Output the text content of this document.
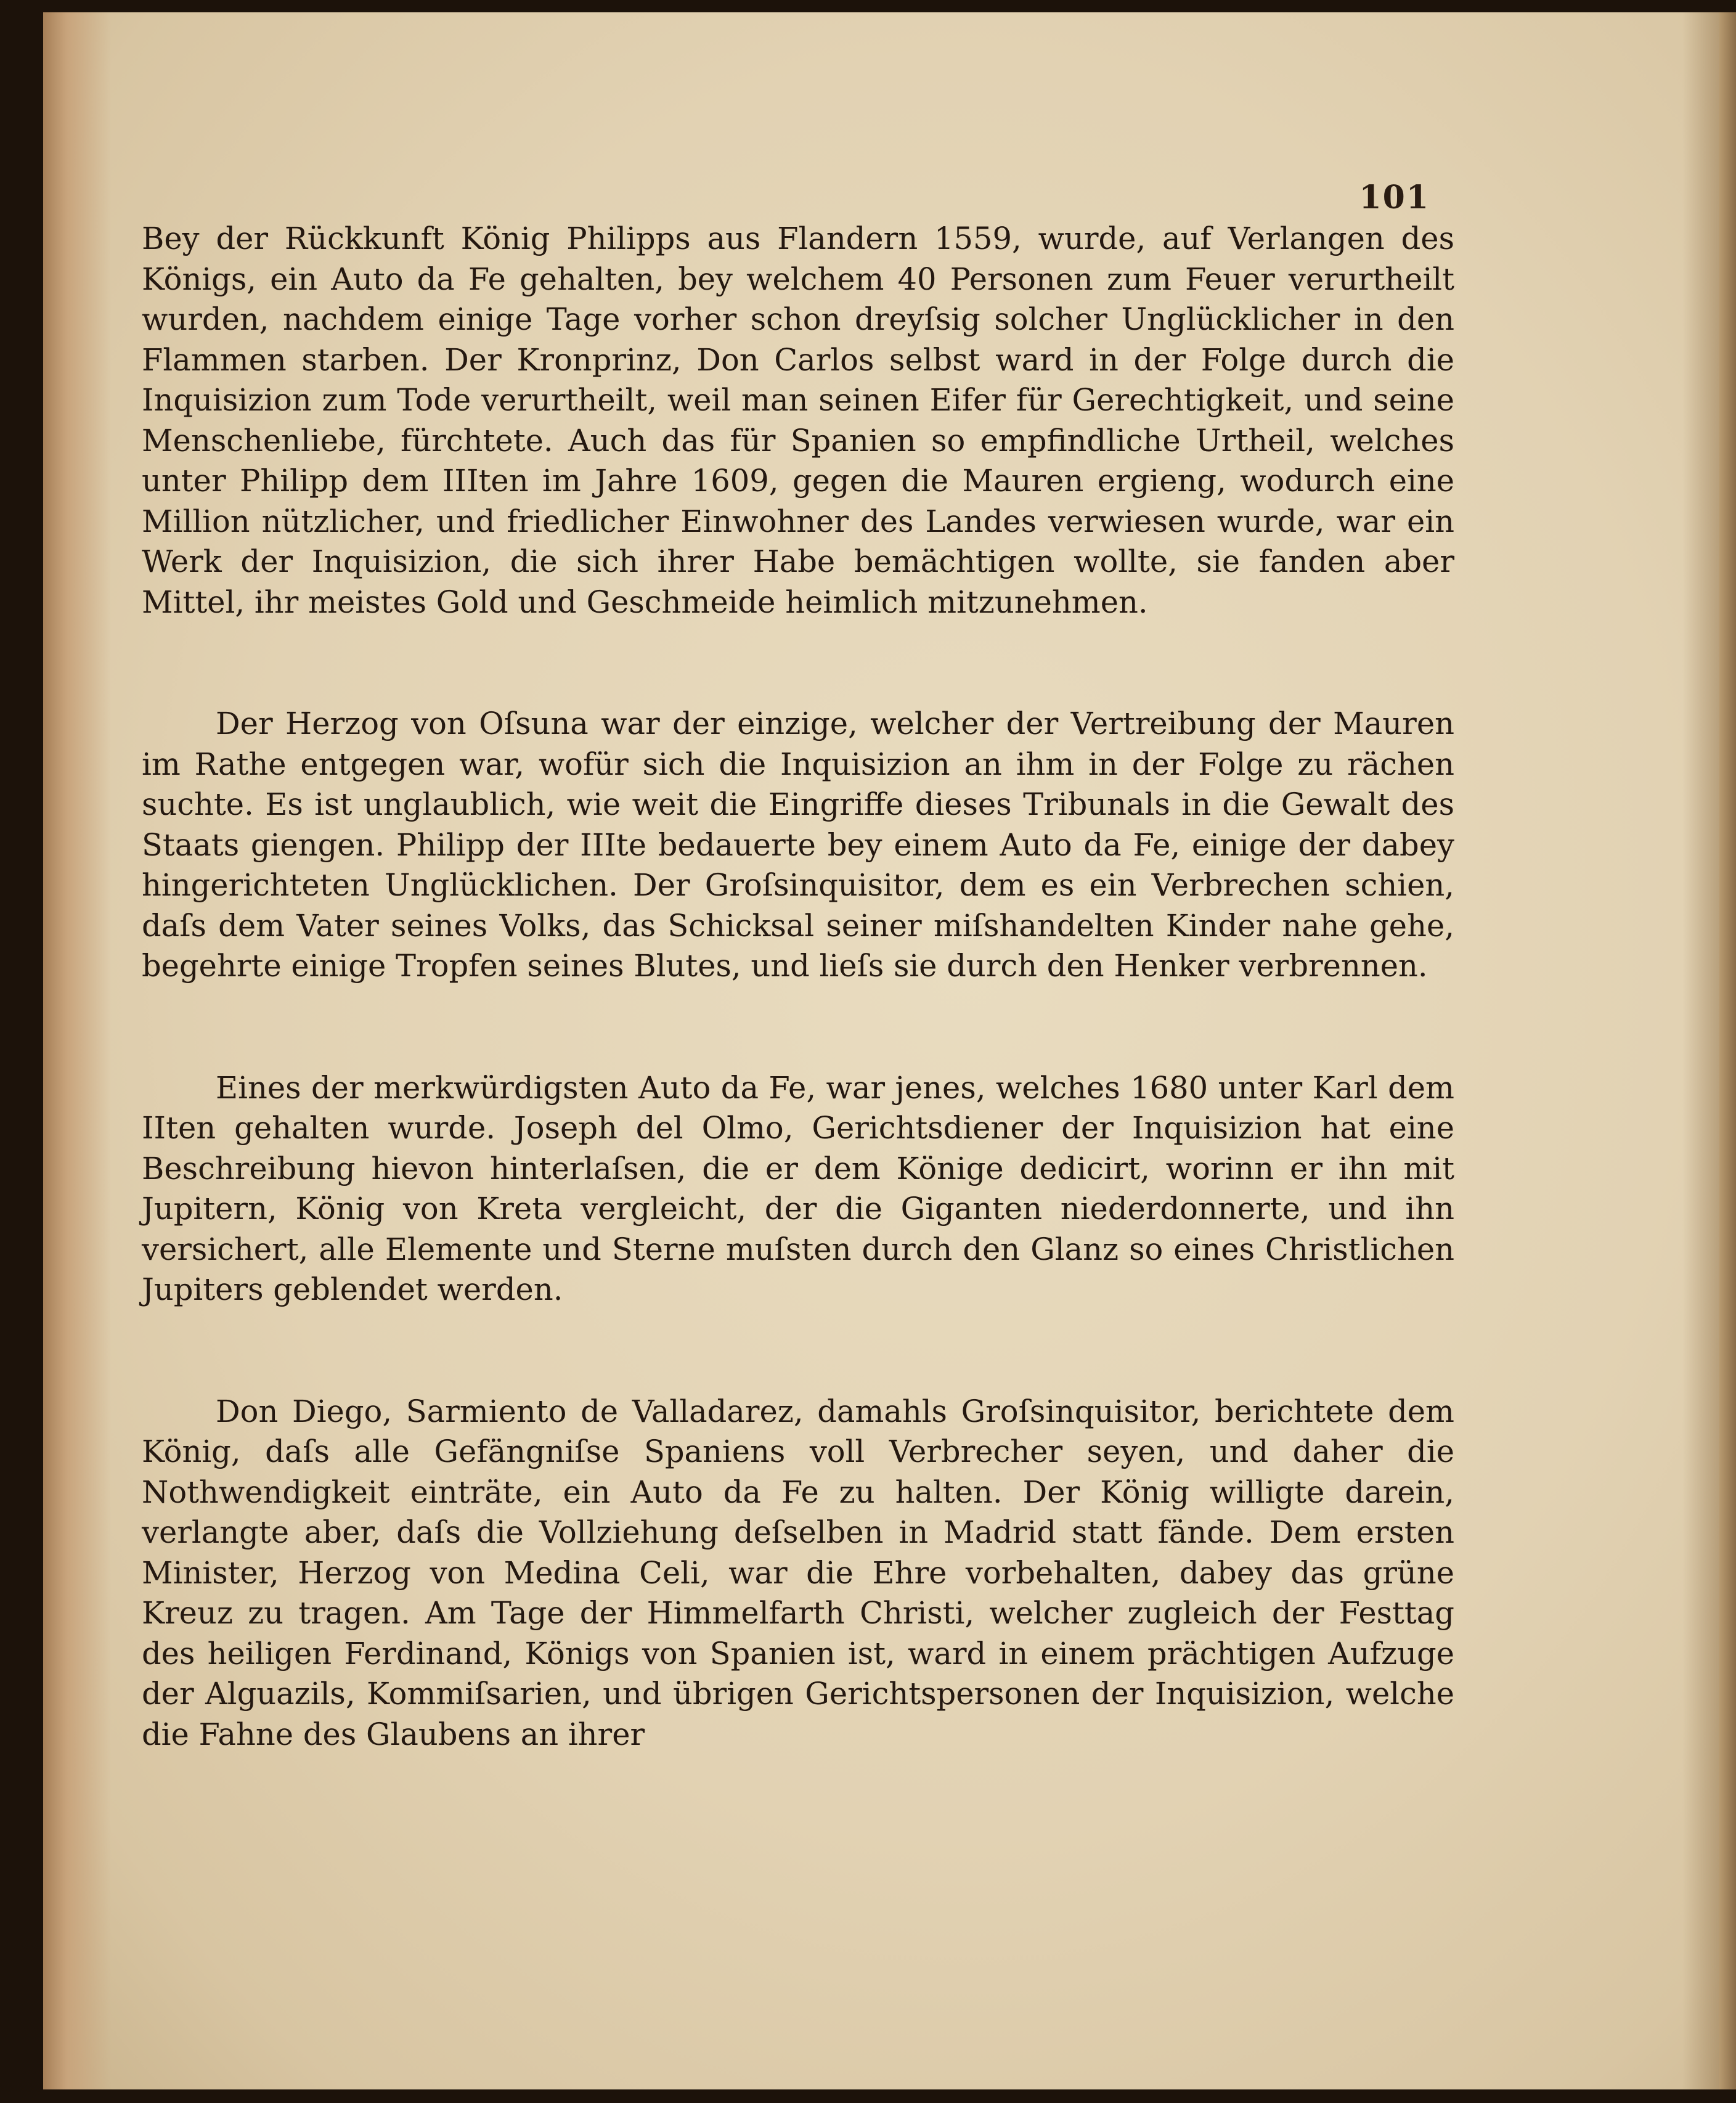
101

Bey der Rückkunft König Philipps aus Flandern 1559, wurde, auf Verlangen des Königs, ein Auto da Fe gehalten, bey welchem 40 Personen zum Feuer verurtheilt wurden, nachdem einige Tage vorher schon dreyſsig solcher Unglücklicher in den Flammen starben. Der Kronprinz, Don Carlos selbst ward in der Folge durch die Inquisizion zum Tode verurtheilt, weil man seinen Eifer für Gerechtigkeit, und seine Menschenliebe, fürchtete. Auch das für Spanien so empfindliche Urtheil, welches unter Philipp dem IIIten im Jahre 1609, gegen die Mauren ergieng, wodurch eine Million nützlicher, und friedlicher Einwohner des Landes verwiesen wurde, war ein Werk der Inquisizion, die sich ihrer Habe bemächtigen wollte, sie fanden aber Mittel, ihr meistes Gold und Geschmeide heimlich mitzunehmen.

Der Herzog von Oſsuna war der einzige, welcher der Vertreibung der Mauren im Rathe entgegen war, wofür sich die Inquisizion an ihm in der Folge zu rächen suchte. Es ist unglaublich, wie weit die Eingriffe dieses Tribunals in die Gewalt des Staats giengen. Philipp der IIIte bedauerte bey einem Auto da Fe, einige der dabey hingerichteten Unglücklichen. Der Groſsinquisitor, dem es ein Verbrechen schien, daſs dem Vater seines Volks, das Schicksal seiner miſshandelten Kinder nahe gehe, begehrte einige Tropfen seines Blutes, und lieſs sie durch den Henker verbrennen.

Eines der merkwürdigsten Auto da Fe, war jenes, welches 1680 unter Karl dem IIten gehalten wurde. Joseph del Olmo, Gerichtsdiener der Inquisizion hat eine Beschreibung hievon hinterlaſsen, die er dem Könige dedicirt, worinn er ihn mit Jupitern, König von Kreta vergleicht, der die Giganten niederdonnerte, und ihn versichert, alle Elemente und Sterne muſsten durch den Glanz so eines Christlichen Jupiters geblendet werden.

Don Diego, Sarmiento de Valladarez, damahls Groſsinquisitor, berichtete dem König, daſs alle Gefängniſse Spaniens voll Verbrecher seyen, und daher die Nothwendigkeit einträte, ein Auto da Fe zu halten. Der König willigte darein, verlangte aber, daſs die Vollziehung deſselben in Madrid statt fände. Dem ersten Minister, Herzog von Medina Celi, war die Ehre vorbehalten, dabey das grüne Kreuz zu tragen. Am Tage der Himmelfarth Christi, welcher zugleich der Festtag des heiligen Ferdinand, Königs von Spanien ist, ward in einem prächtigen Aufzuge der Alguazils, Kommiſsarien, und übrigen Gerichtspersonen der Inquisizion, welche die Fahne des Glaubens an ihrer
